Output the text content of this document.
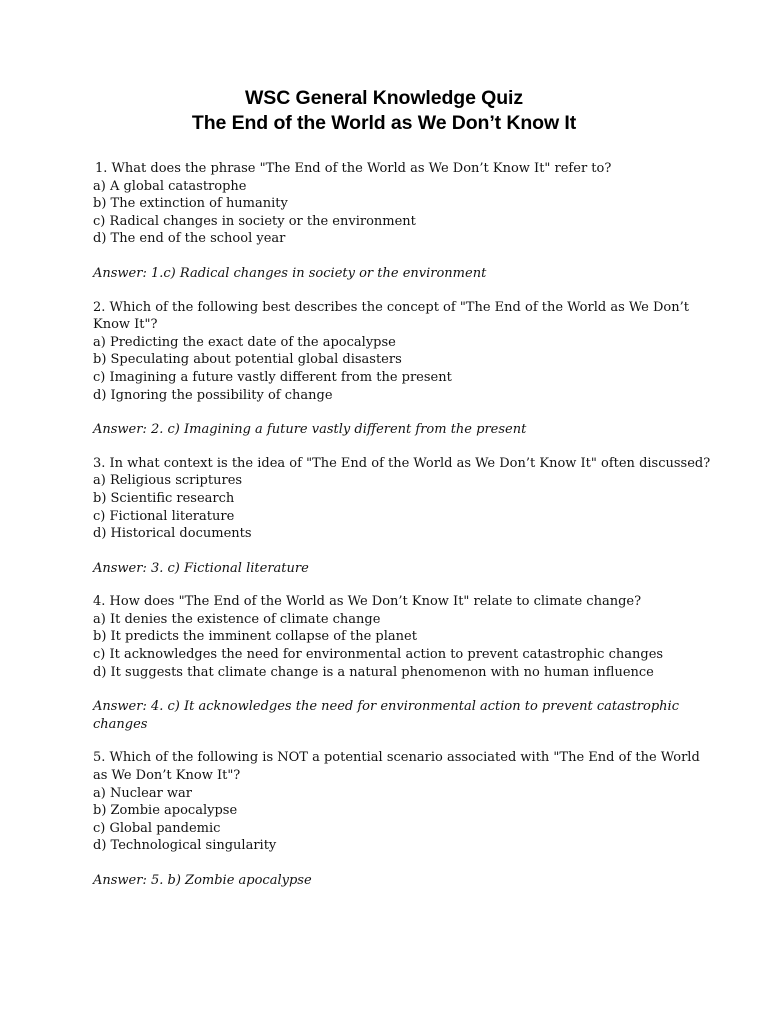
WSC General Knowledge Quiz
The End of the World as We Don’t Know It
1. What does the phrase "The End of the World as We Don’t Know It" refer to?
a) A global catastrophe
b) The extinction of humanity
c) Radical changes in society or the environment
d) The end of the school year
Answer: 1.c) Radical changes in society or the environment
2. Which of the following best describes the concept of "The End of the World as We Don’t Know It"?
a) Predicting the exact date of the apocalypse
b) Speculating about potential global disasters
c) Imagining a future vastly different from the present
d) Ignoring the possibility of change
Answer: 2. c) Imagining a future vastly different from the present
3. In what context is the idea of "The End of the World as We Don’t Know It" often discussed?
a) Religious scriptures
b) Scientific research
c) Fictional literature
d) Historical documents
Answer: 3. c) Fictional literature
4. How does "The End of the World as We Don’t Know It" relate to climate change?
a) It denies the existence of climate change
b) It predicts the imminent collapse of the planet
c) It acknowledges the need for environmental action to prevent catastrophic changes
d) It suggests that climate change is a natural phenomenon with no human influence
Answer: 4. c) It acknowledges the need for environmental action to prevent catastrophic changes
5. Which of the following is NOT a potential scenario associated with "The End of the World as We Don’t Know It"?
a) Nuclear war
b) Zombie apocalypse
c) Global pandemic
d) Technological singularity
Answer: 5. b) Zombie apocalypse
